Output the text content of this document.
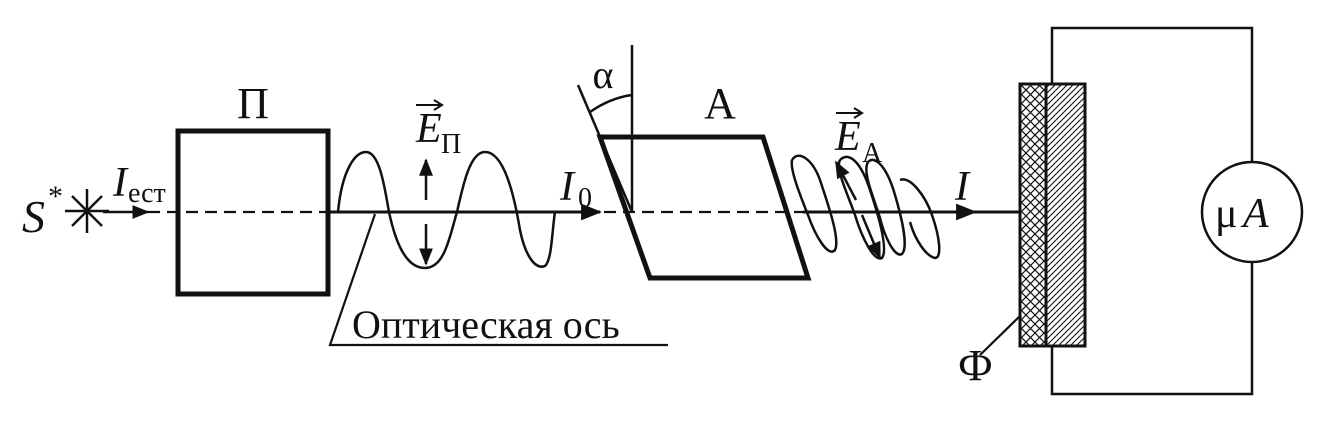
S * I ест
П
E П
I 0
А
α
E А
I
Ф
μ A
Оптическая ось
